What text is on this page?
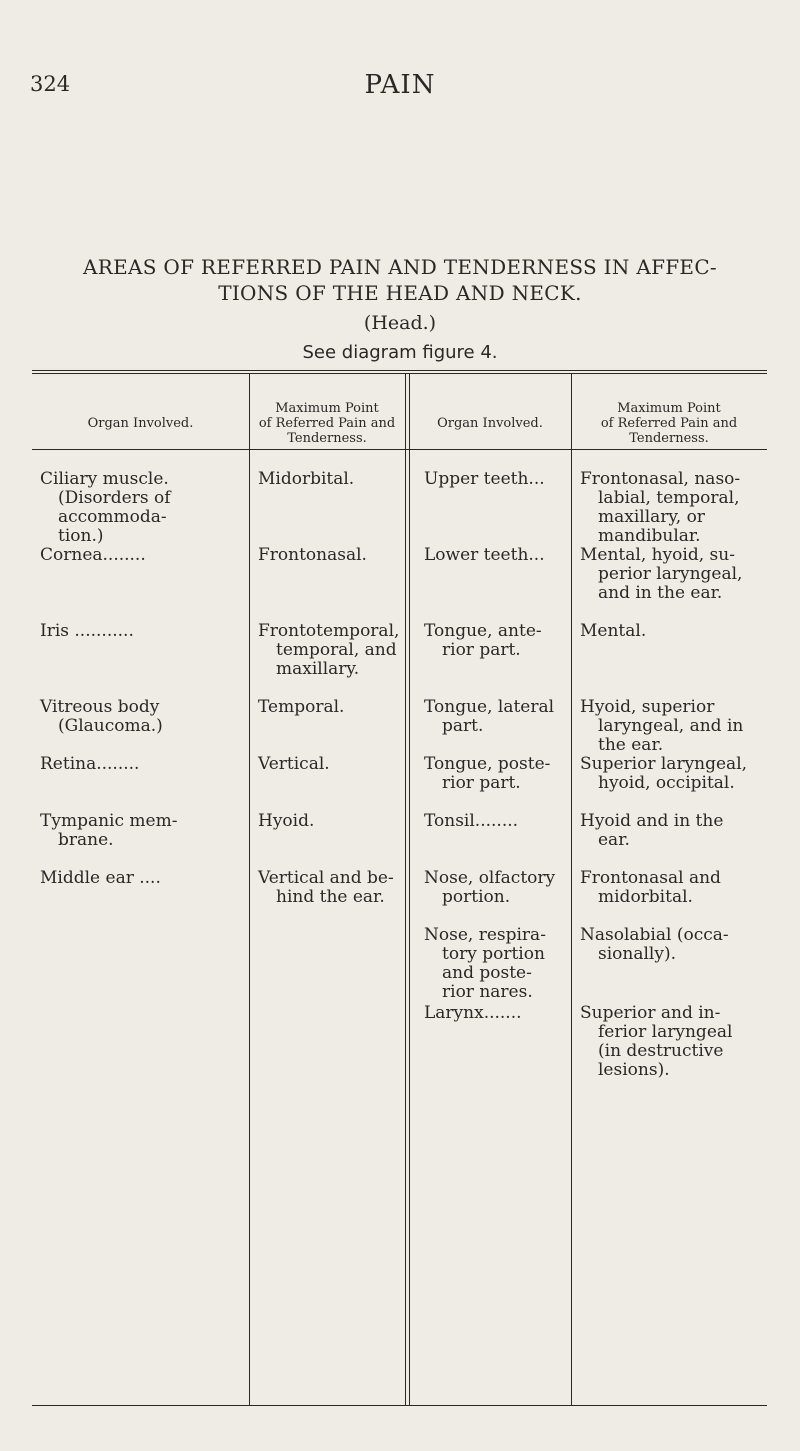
324	PAIN
AREAS OF REFERRED PAIN AND TENDERNESS IN AFFEC-
TIONS OF THE HEAD AND NECK.
(Head.)
See diagram figure 4.
Organ Involved.
Maximum Point
of Referred Pain and
Tenderness.
Organ Involved.
Maximum Point
of Referred Pain and
Tenderness.
Ciliary muscle.
(Disorders of
accommoda-
tion.)
Cornea........
Iris ...........
Vitreous body
(Glaucoma.)
Retina........
Tympanic mem-
brane.
Middle ear ....
Midorbital.
Frontonasal.
Frontotemporal,
temporal, and
maxillary.
Temporal.
Vertical.
Hyoid.
Vertical and be-
hind the ear.
Upper teeth...
Lower teeth...
Tongue, ante-
rior part.
Tongue, lateral
part.
Tongue, poste-
rior part.
Tonsil........
Nose, olfactory
portion.
Nose, respira-
tory portion
and poste-
rior nares.
Larynx.......
Frontonasal, naso-
labial, temporal,
maxillary, or
mandibular.
Mental, hyoid, su-
perior laryngeal,
and in the ear.
Mental.
Hyoid, superior
laryngeal, and in
the ear.
Superior laryngeal,
hyoid, occipital.
Hyoid and in the
ear.
Frontonasal and
midorbital.
Nasolabial (occa-
sionally).
Superior and in-
ferior laryngeal
(in destructive
lesions).
